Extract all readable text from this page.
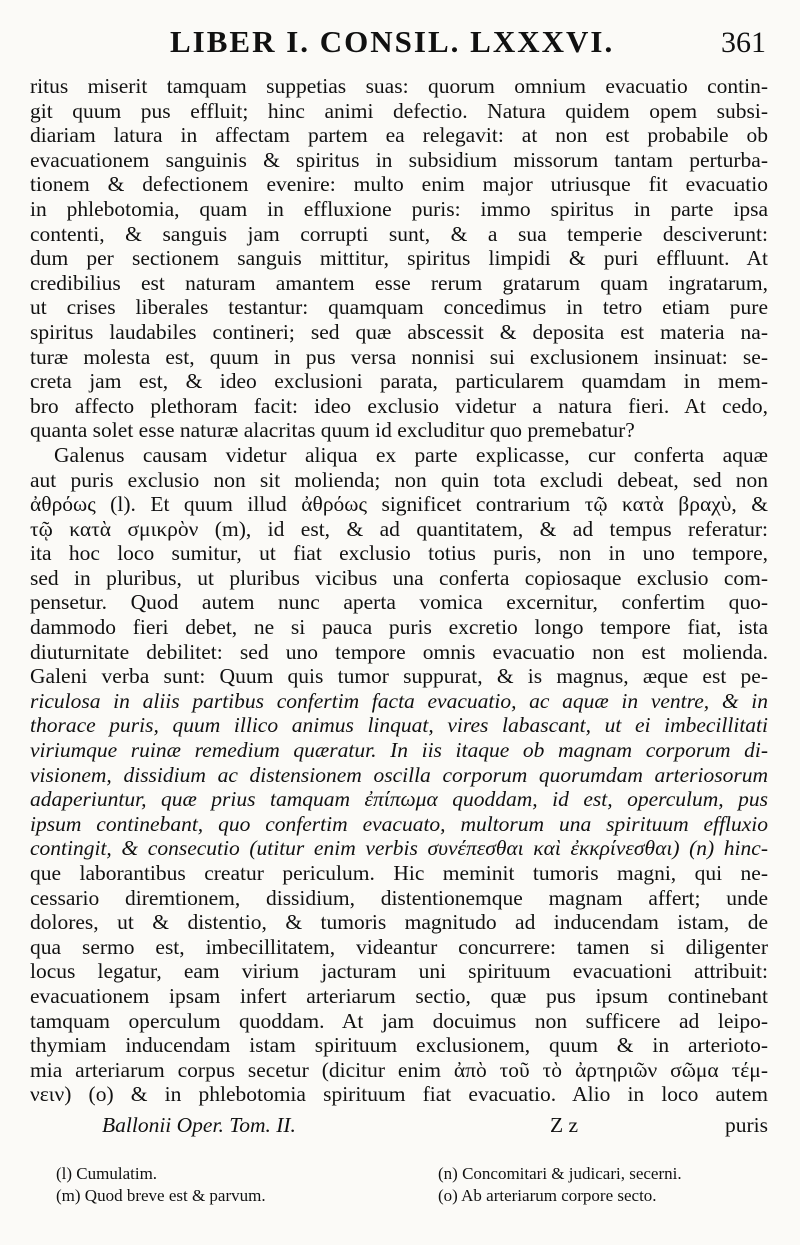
LIBER I. CONSIL. LXXXVI.	361
ritus miserit tamquam suppetias suas: quorum omnium evacuatio contin-
git quum pus effluit; hinc animi defectio. Natura quidem opem subsi-
diariam latura in affectam partem ea relegavit: at non est probabile ob
evacuationem sanguinis & spiritus in subsidium missorum tantam perturba-
tionem & defectionem evenire: multo enim major utriusque fit evacuatio
in phlebotomia, quam in effluxione puris: immo spiritus in parte ipsa
contenti, & sanguis jam corrupti sunt, & a sua temperie desciverunt:
dum per sectionem sanguis mittitur, spiritus limpidi & puri effluunt. At
credibilius est naturam amantem esse rerum gratarum quam ingratarum,
ut crises liberales testantur: quamquam concedimus in tetro etiam pure
spiritus laudabiles contineri; sed quæ abscessit & deposita est materia na-
turæ molesta est, quum in pus versa nonnisi sui exclusionem insinuat: se-
creta jam est, & ideo exclusioni parata, particularem quamdam in mem-
bro affecto plethoram facit: ideo exclusio videtur a natura fieri. At cedo,
quanta solet esse naturæ alacritas quum id excluditur quo premebatur?
Galenus causam videtur aliqua ex parte explicasse, cur conferta aquæ
aut puris exclusio non sit molienda; non quin tota excludi debeat, sed non
ἀθρόως (l). Et quum illud ἀθρόως significet contrarium τῷ κατὰ βραχὺ, &
τῷ κατὰ σμικρὸν (m), id est, & ad quantitatem, & ad tempus referatur:
ita hoc loco sumitur, ut fiat exclusio totius puris, non in uno tempore,
sed in pluribus, ut pluribus vicibus una conferta copiosaque exclusio com-
pensetur. Quod autem nunc aperta vomica excernitur, confertim quo-
dammodo fieri debet, ne si pauca puris excretio longo tempore fiat, ista
diuturnitate debilitet: sed uno tempore omnis evacuatio non est molienda.
Galeni verba sunt: Quum quis tumor suppurat, & is magnus, æque est pe-
riculosa in aliis partibus confertim facta evacuatio, ac aquæ in ventre, & in
thorace puris, quum illico animus linquat, vires labascant, ut ei imbecillitati
viriumque ruinæ remedium quæratur. In iis itaque ob magnam corporum di-
visionem, dissidium ac distensionem oscilla corporum quorumdam arteriosorum
adaperiuntur, quæ prius tamquam ἐπίπωμα quoddam, id est, operculum, pus
ipsum continebant, quo confertim evacuato, multorum una spirituum effluxio
contingit, & consecutio (utitur enim verbis συνέπεσθαι καὶ ἐκκρίνεσθαι) (n) hinc-
que laborantibus creatur periculum. Hic meminit tumoris magni, qui ne-
cessario diremtionem, dissidium, distentionemque magnam affert; unde
dolores, ut & distentio, & tumoris magnitudo ad inducendam istam, de
qua sermo est, imbecillitatem, videantur concurrere: tamen si diligenter
locus legatur, eam virium jacturam uni spirituum evacuationi attribuit:
evacuationem ipsam infert arteriarum sectio, quæ pus ipsum continebant
tamquam operculum quoddam. At jam docuimus non sufficere ad leipo-
thymiam inducendam istam spirituum exclusionem, quum & in arterioto-
mia arteriarum corpus secetur (dicitur enim ἀπὸ τοῦ τὸ ἀρτηριῶν σῶμα τέμ-
νειν) (o) & in phlebotomia spirituum fiat evacuatio. Alio in loco autem
Ballonii Oper. Tom. II.	Z z	puris
(l) Cumulatim.	(n) Concomitari & judicari, secerni.
(m) Quod breve est & parvum.	(o) Ab arteriarum corpore secto.
